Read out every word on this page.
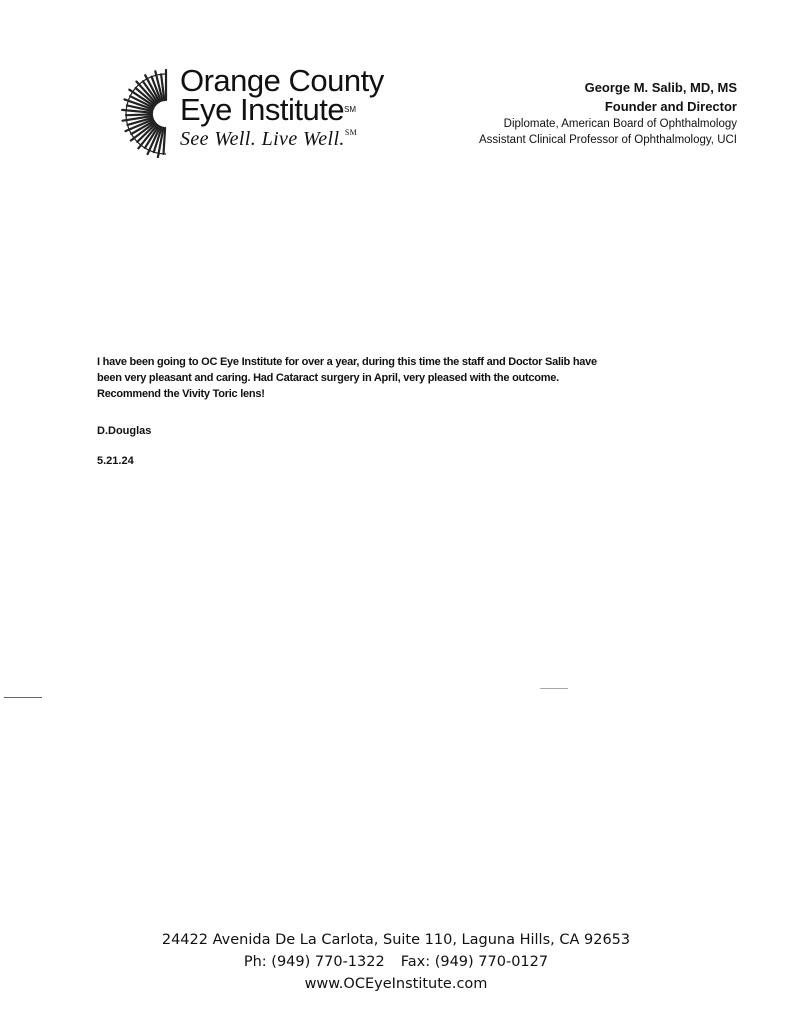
Orange County
Eye Institute℠
See Well. Live Well.℠
George M. Salib, MD, MS
Founder and Director
Diplomate, American Board of Ophthalmology
Assistant Clinical Professor of Ophthalmology, UCI

I have been going to OC Eye Institute for over a year, during this time the staff and Doctor Salib have

been very pleasant and caring. Had Cataract surgery in April, very pleased with the outcome.

Recommend the Vivity Toric lens!

D.Douglas
5.21.24
24422 Avenida De La Carlota, Suite 110, Laguna Hills, CA 92653
Ph: (949) 770-1322 Fax: (949) 770-0127
www.OCEyeInstitute.com
